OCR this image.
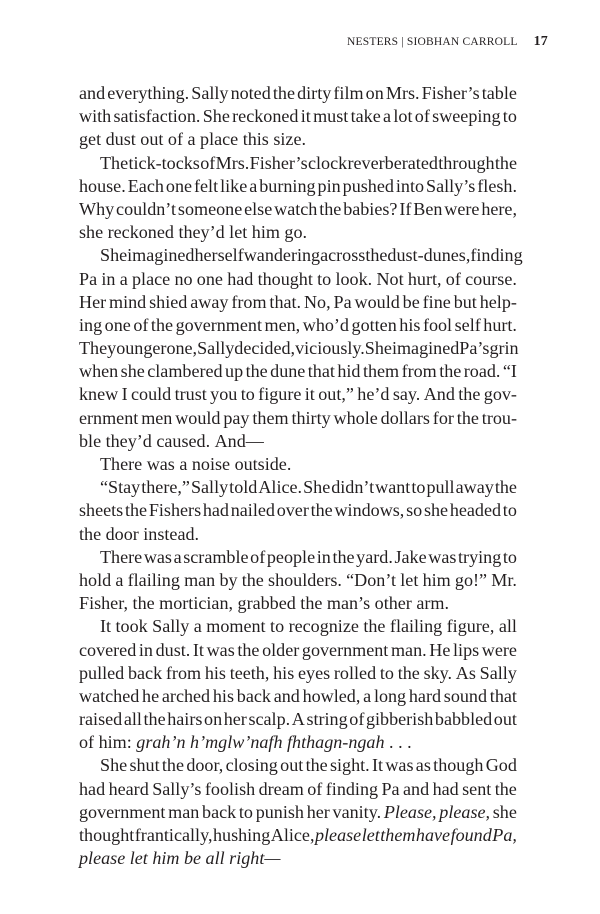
NESTERS | SIOBHAN CARROLL 17
and everything. Sally noted the dirty film on Mrs. Fisher’s table
with satisfaction. She reckoned it must take a lot of sweeping to
get dust out of a place this size.
The tick-tocks of Mrs. Fisher’s clock reverberated through the
house. Each one felt like a burning pin pushed into Sally’s flesh.
Why couldn’t someone else watch the babies? If Ben were here,
she reckoned they’d let him go.
She imagined herself wandering across the dust-dunes, finding
Pa in a place no one had thought to look. Not hurt, of course.
Her mind shied away from that. No, Pa would be fine but help-
ing one of the government men, who’d gotten his fool self hurt.
The younger one, Sally decided, viciously. She imagined Pa’s grin
when she clambered up the dune that hid them from the road. “I
knew I could trust you to figure it out,” he’d say. And the gov-
ernment men would pay them thirty whole dollars for the trou-
ble they’d caused. And—
There was a noise outside.
“Stay there,” Sally told Alice. She didn’t want to pull away the
sheets the Fishers had nailed over the windows, so she headed to
the door instead.
There was a scramble of people in the yard. Jake was trying to
hold a flailing man by the shoulders. “Don’t let him go!” Mr.
Fisher, the mortician, grabbed the man’s other arm.
It took Sally a moment to recognize the flailing figure, all
covered in dust. It was the older government man. He lips were
pulled back from his teeth, his eyes rolled to the sky. As Sally
watched he arched his back and howled, a long hard sound that
raised all the hairs on her scalp. A string of gibberish babbled out
of him: grah’n h’mglw’nafh fhthagn-ngah . . .
She shut the door, closing out the sight. It was as though God
had heard Sally’s foolish dream of finding Pa and had sent the
government man back to punish her vanity. Please, please, she
thought frantically, hushing Alice, please let them have found Pa,
please let him be all right—
